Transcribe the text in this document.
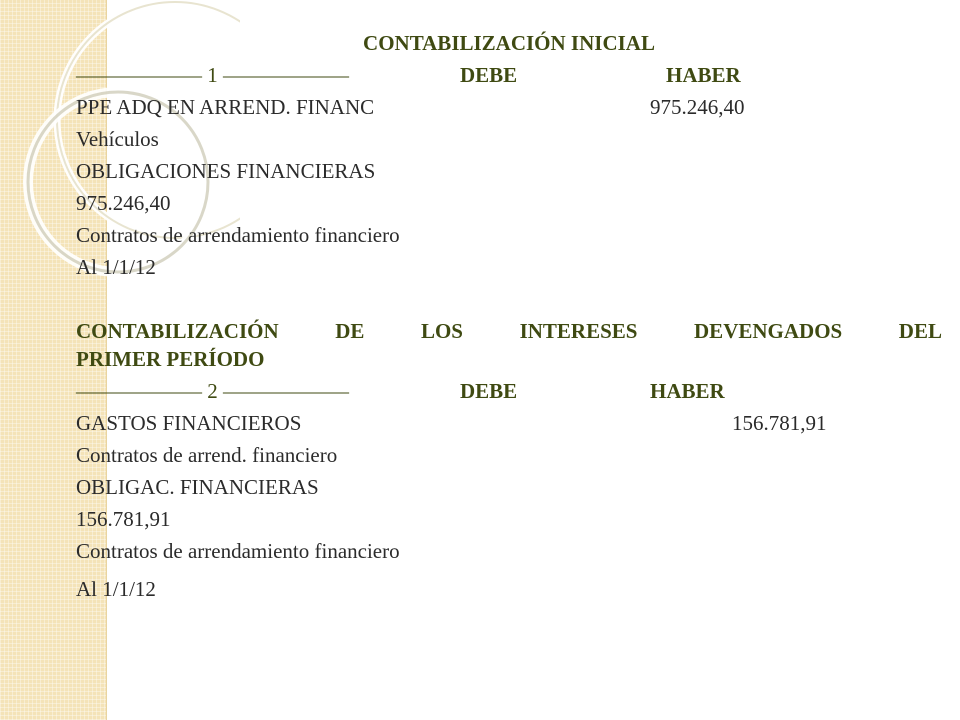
CONTABILIZACIÓN INICIAL
—————— 1 ——————	DEBE	HABER
PPE ADQ EN ARREND. FINANC	975.246,40
Vehículos
OBLIGACIONES FINANCIERAS
975.246,40
Contratos de arrendamiento financiero
Al 1/1/12
CONTABILIZACIÓN	DE	LOS	INTERESES	DEVENGADOS	DEL
PRIMER PERÍODO
—————— 2 ——————	DEBE	HABER
GASTOS FINANCIEROS	156.781,91
Contratos de arrend. financiero
OBLIGAC. FINANCIERAS
156.781,91
Contratos de arrendamiento financiero
Al 1/1/12
